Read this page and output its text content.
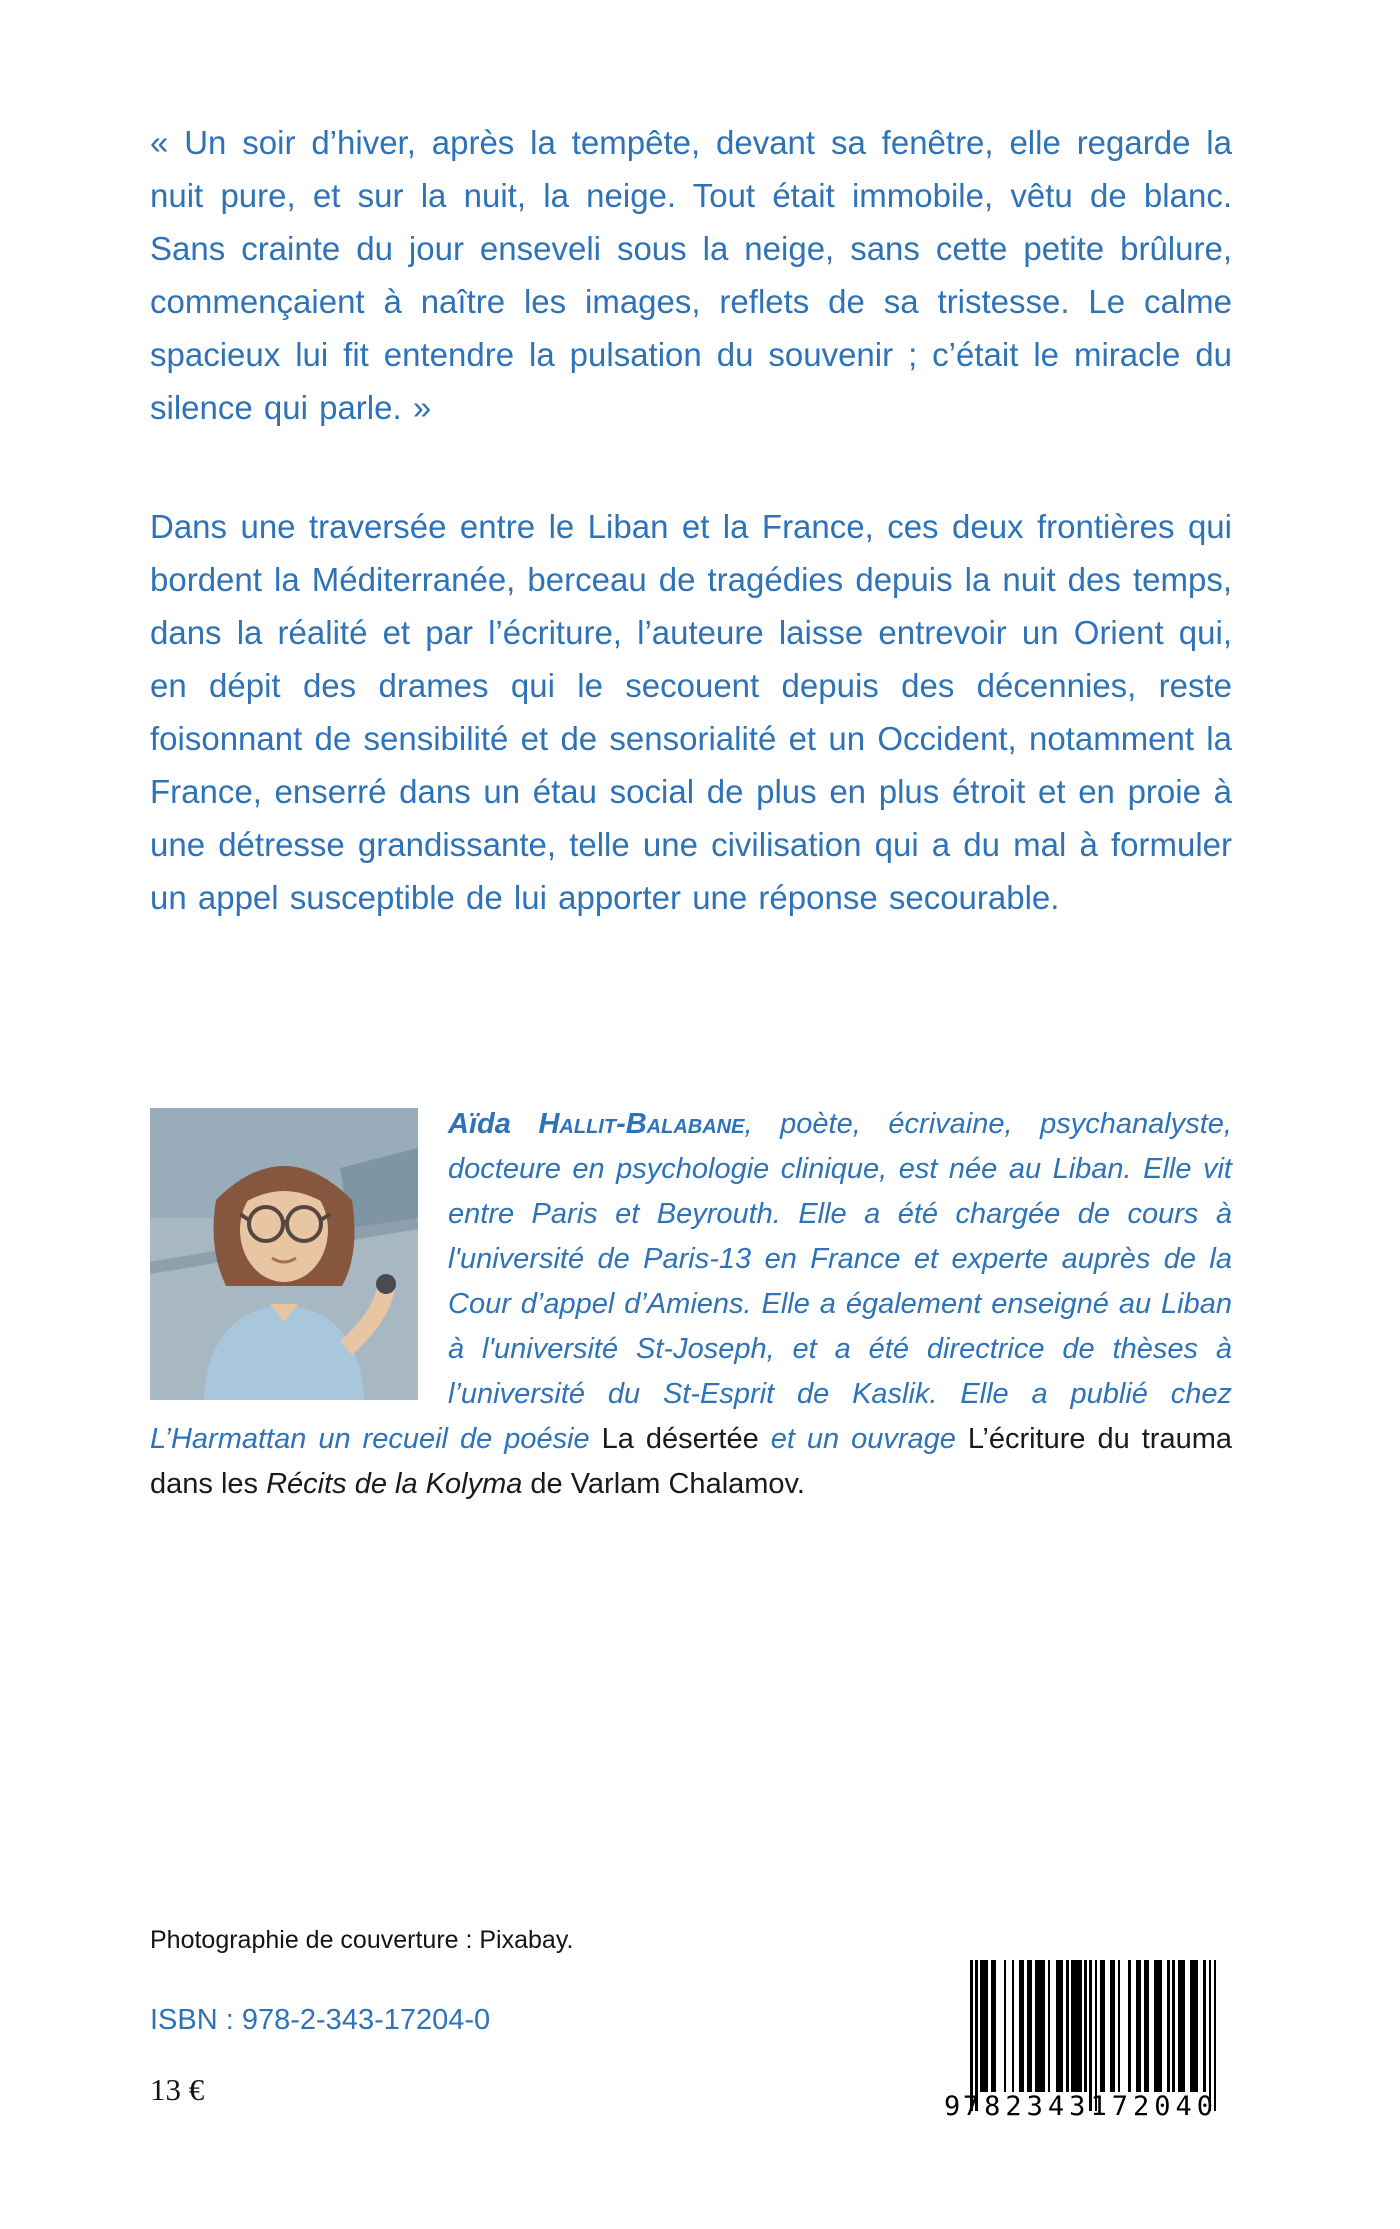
« Un soir d’hiver, après la tempête, devant sa fenêtre, elle regarde la nuit pure, et sur la nuit, la neige. Tout était immobile, vêtu de blanc. Sans crainte du jour enseveli sous la neige, sans cette petite brûlure, commençaient à naître les images, reflets de sa tristesse. Le calme spacieux lui fit entendre la pulsation du souvenir ; c’était le miracle du silence qui parle. »

Dans une traversée entre le Liban et la France, ces deux frontières qui bordent la Méditerranée, berceau de tragédies depuis la nuit des temps, dans la réalité et par l’écriture, l’auteure laisse entrevoir un Orient qui, en dépit des drames qui le secouent depuis des décennies, reste foisonnant de sensibilité et de sensorialité et un Occident, notamment la France, enserré dans un étau social de plus en plus étroit et en proie à une détresse grandissante, telle une civilisation qui a du mal à formuler un appel susceptible de lui apporter une réponse secourable.

Aïda Hallit-Balabane, poète, écrivaine, psychanalyste, docteure en psychologie clinique, est née au Liban. Elle vit entre Paris et Beyrouth. Elle a été chargée de cours à l'université de Paris-13 en France et experte auprès de la Cour d’appel d’Amiens. Elle a également enseigné au Liban à l'université St-Joseph, et a été directrice de thèses à l’université du St-Esprit de Kaslik. Elle a publié chez L’Harmattan un recueil de poésie La désertée et un ouvrage L’écriture du trauma dans les Récits de la Kolyma de Varlam Chalamov.

Photographie de couverture : Pixabay.

ISBN : 978-2-343-17204-0

13 €	9 782343 172040
